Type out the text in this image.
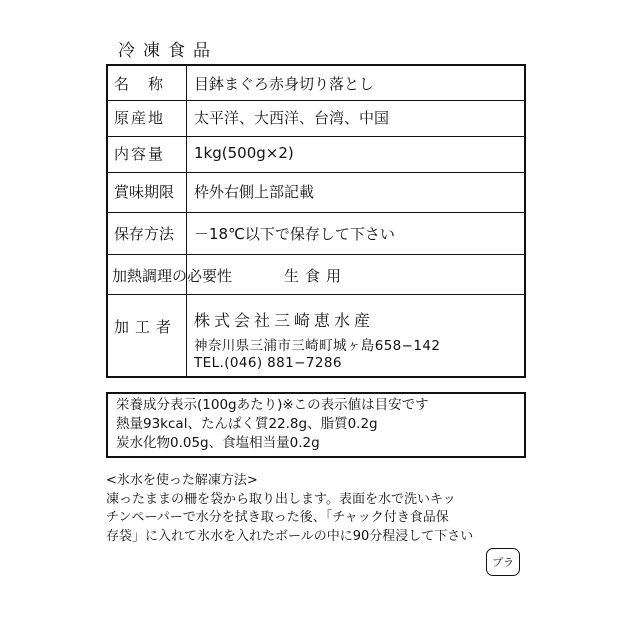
冷凍食品
名　称 目鉢まぐろ赤身切り落とし
原産地 太平洋、大西洋、台湾、中国
内容量 1kg(500g×2)
賞味期限 枠外右側上部記載
保存方法 －18℃以下で保存して下さい
加熱調理の必要性	生食用
加工者 株式会社三崎恵水産
神奈川県三浦市三崎町城ヶ島658−142
TEL.(046) 881−7286
栄養成分表示(100gあたり)※この表示値は目安です
熱量93kcal、たんぱく質22.8g、脂質0.2g
炭水化物0.05g、食塩相当量0.2g
<氷水を使った解凍方法>
凍ったままの柵を袋から取り出します。表面を水で洗いキッ
チンペーパーで水分を拭き取った後、「チャック付き食品保
存袋」に入れて氷水を入れたボールの中に90分程浸して下さい
プラ
